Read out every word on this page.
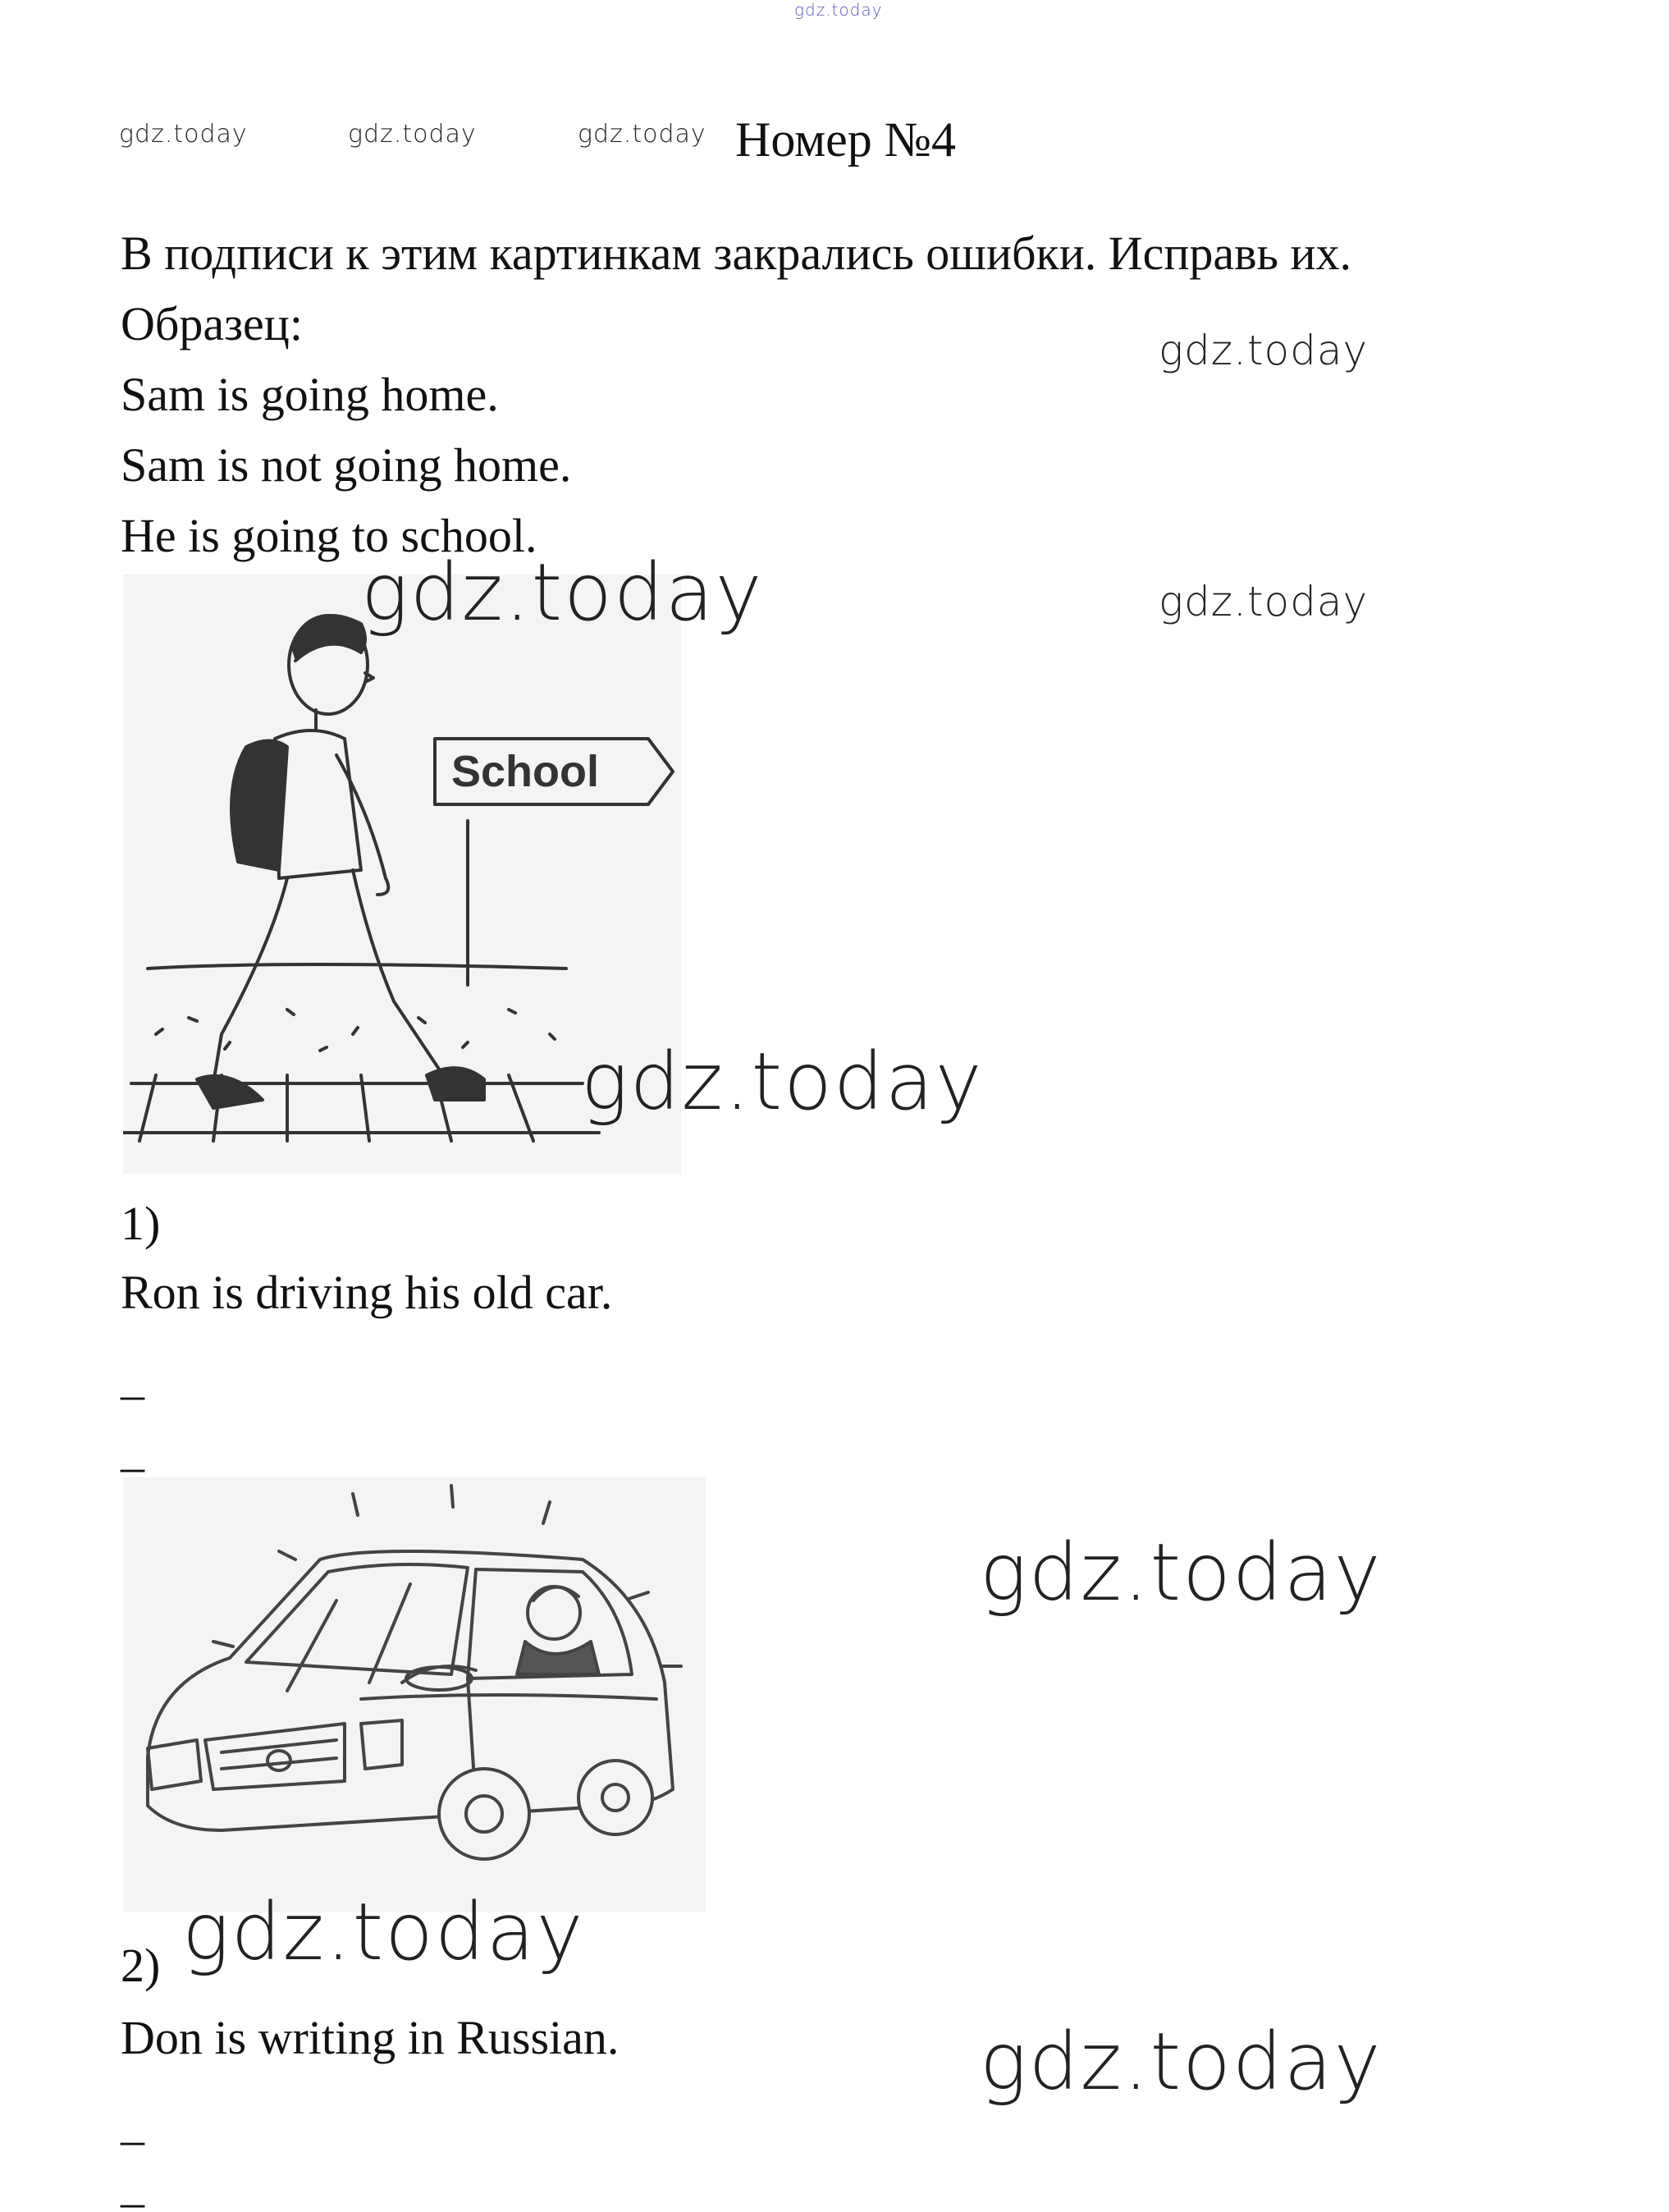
gdz.today
gdz.today	gdz.today	gdz.today
gdz.today
gdz.today
Номер №4
В подписи к этим картинкам закрались ошибки. Исправь их.
Образец:
Sam is going home.
Sam is not going home.
He is going to school.
School
gdz.today
gdz.today
1)
Ron is driving his old car.
_
_
gdz.today
2) gdz.today
Don is writing in Russian.	gdz.today
_
_
